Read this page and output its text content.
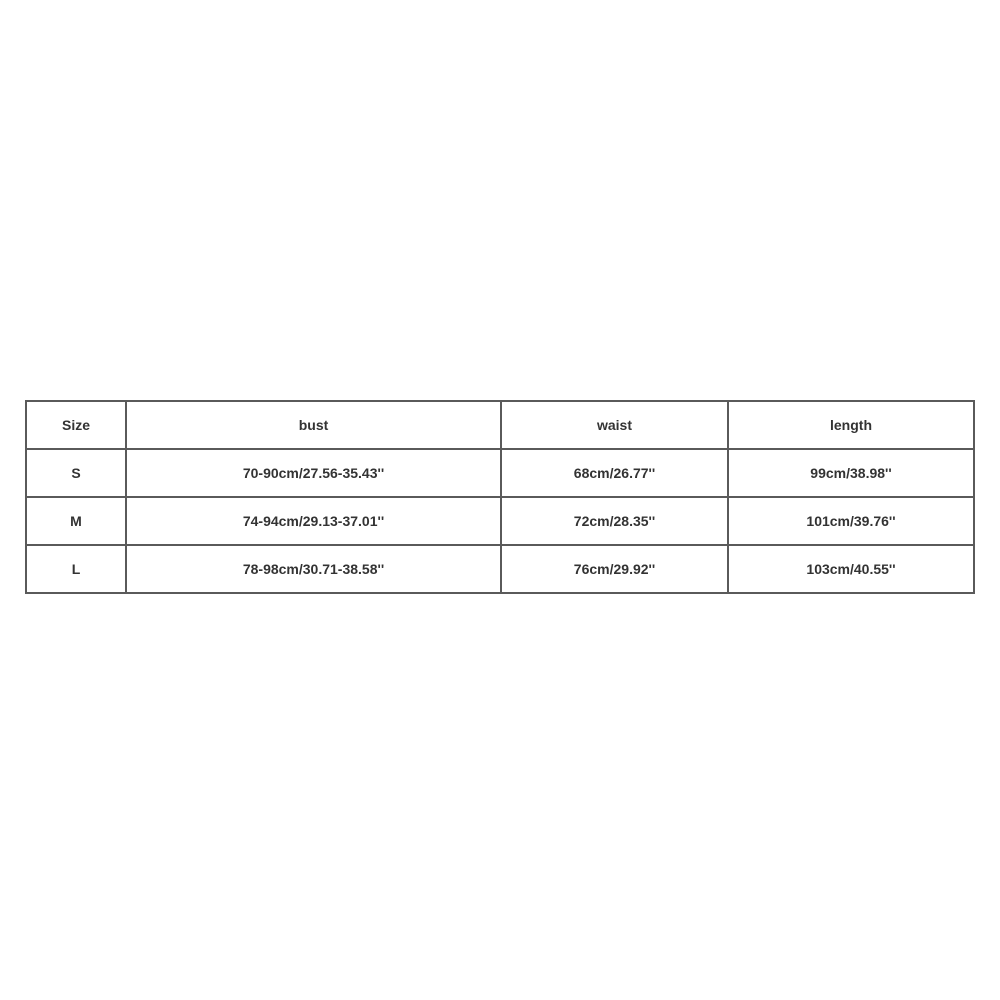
Size	bust	waist	length
S	70-90cm/27.56-35.43''	68cm/26.77''	99cm/38.98''
M	74-94cm/29.13-37.01''	72cm/28.35''	101cm/39.76''
L	78-98cm/30.71-38.58''	76cm/29.92''	103cm/40.55''
